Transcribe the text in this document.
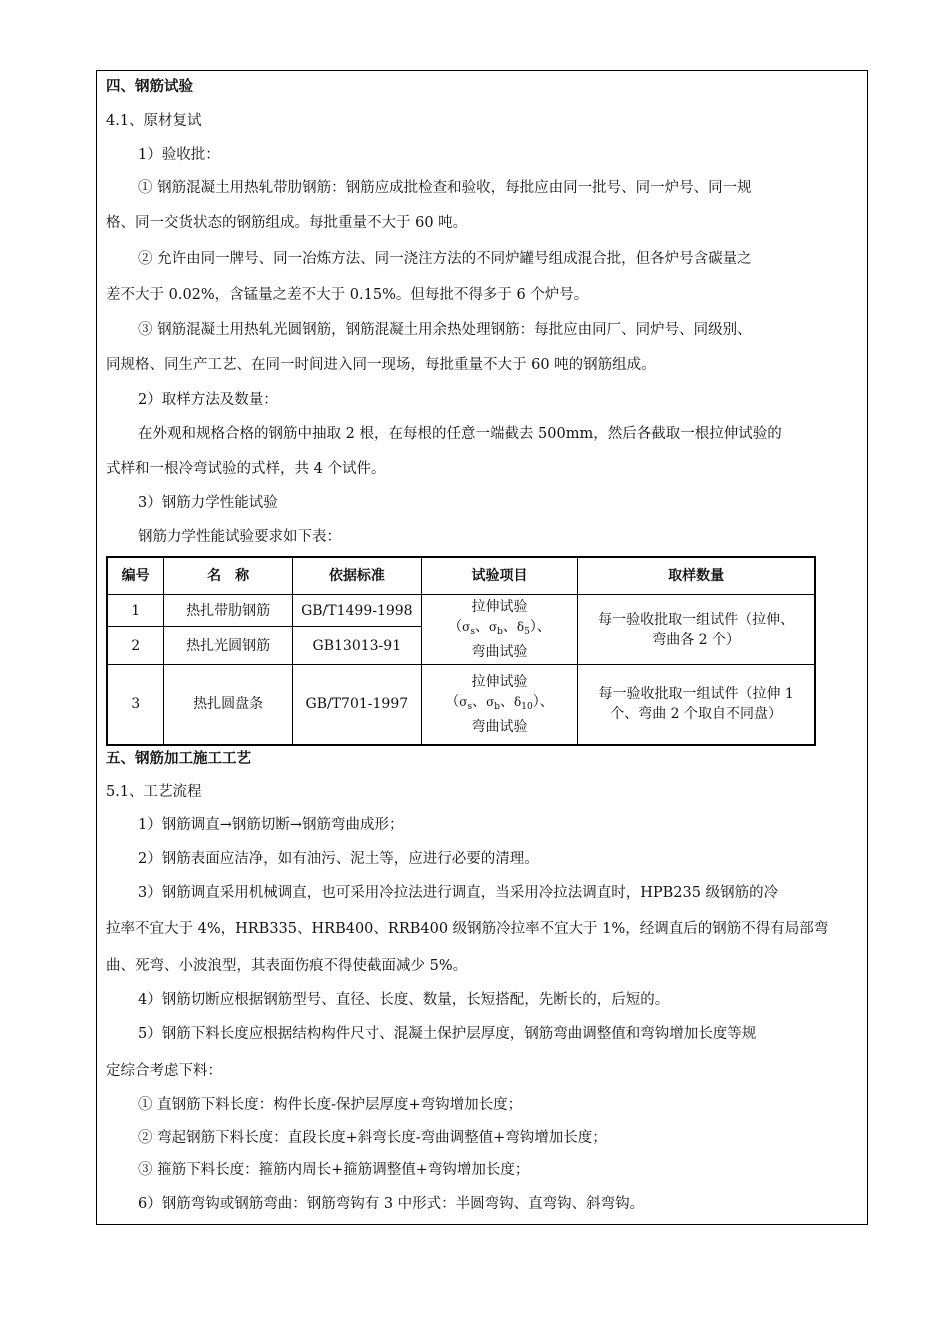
四、钢筋试验
4.1、原材复试
1）验收批：
① 钢筋混凝土用热轧带肋钢筋：钢筋应成批检查和验收，每批应由同一批号、同一炉号、同一规
格、同一交货状态的钢筋组成。每批重量不大于 60 吨。
② 允许由同一牌号、同一冶炼方法、同一浇注方法的不同炉罐号组成混合批，但各炉号含碳量之
差不大于 0.02%，含锰量之差不大于 0.15%。但每批不得多于 6 个炉号。
③ 钢筋混凝土用热轧光圆钢筋，钢筋混凝土用余热处理钢筋：每批应由同厂、同炉号、同级别、
同规格、同生产工艺、在同一时间进入同一现场，每批重量不大于 60 吨的钢筋组成。
2）取样方法及数量：
在外观和规格合格的钢筋中抽取 2 根，在每根的任意一端截去 500mm，然后各截取一根拉伸试验的
式样和一根冷弯试验的式样，共 4 个试件。
3）钢筋力学性能试验
钢筋力学性能试验要求如下表：
编号	名　称	依据标准	试验项目	取样数量
1	热扎带肋钢筋	GB/T1499-1998	拉伸试验
（$\sigma_s$、$\sigma_b$、$\delta_5$）、
弯曲试验	每一验收批取一组试件（拉伸、弯曲各 2 个）
2	热扎光圆钢筋	GB13013-91		
3	热扎圆盘条	GB/T701-1997	拉伸试验
（$\sigma_s$、$\sigma_b$、$\delta_{10}$）、
弯曲试验	每一验收批取一组试件（拉伸 1 个、弯曲 2 个取自不同盘）
五、钢筋加工施工工艺
5.1、工艺流程
1）钢筋调直→钢筋切断→钢筋弯曲成形；
2）钢筋表面应洁净，如有油污、泥土等，应进行必要的清理。
3）钢筋调直采用机械调直，也可采用冷拉法进行调直，当采用冷拉法调直时，HPB235 级钢筋的冷
拉率不宜大于 4%，HRB335、HRB400、RRB400 级钢筋冷拉率不宜大于 1%，经调直后的钢筋不得有局部弯
曲、死弯、小波浪型，其表面伤痕不得使截面减少 5%。
4）钢筋切断应根据钢筋型号、直径、长度、数量，长短搭配，先断长的，后短的。
5）钢筋下料长度应根据结构构件尺寸、混凝土保护层厚度，钢筋弯曲调整值和弯钩增加长度等规
定综合考虑下料：
① 直钢筋下料长度：构件长度-保护层厚度+弯钩增加长度；
② 弯起钢筋下料长度：直段长度+斜弯长度-弯曲调整值+弯钩增加长度；
③ 箍筋下料长度：箍筋内周长+箍筋调整值+弯钩增加长度；
6）钢筋弯钩或钢筋弯曲：钢筋弯钩有 3 中形式：半圆弯钩、直弯钩、斜弯钩。
